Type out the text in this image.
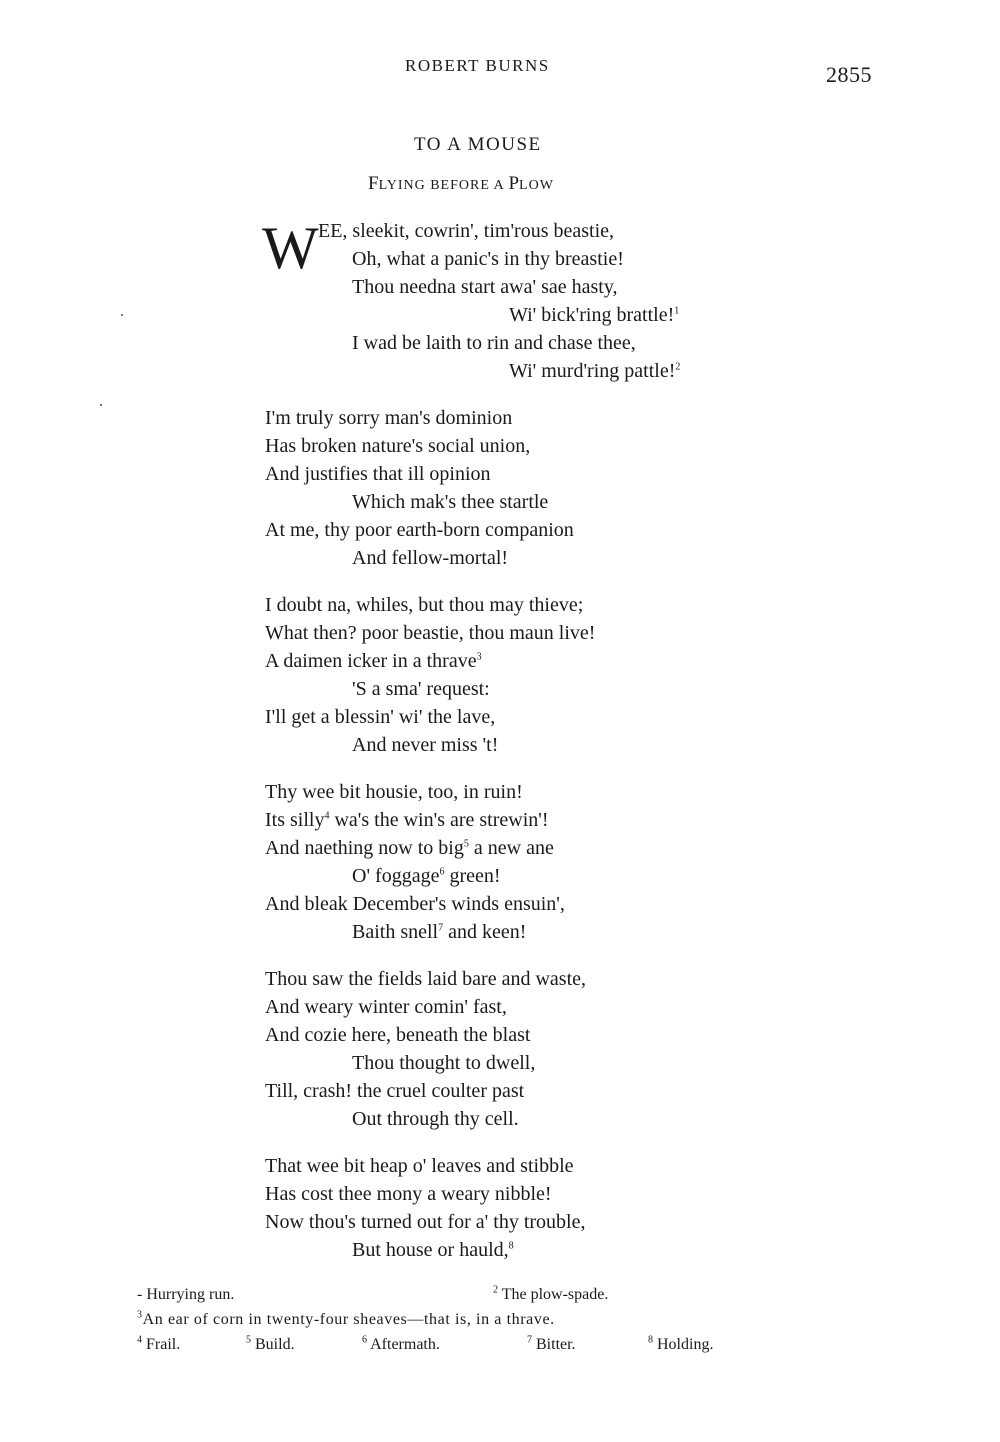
ROBERT BURNS	2855
TO A MOUSE
FLYING BEFORE A PLOW
W EE, sleekit, cowrin', tim'rous beastie,
Oh, what a panic's in thy breastie!
Thou needna start awa' sae hasty,
Wi' bick'ring brattle!$^1$
I wad be laith to rin and chase thee,
Wi' murd'ring pattle!$^2$
I'm truly sorry man's dominion
Has broken nature's social union,
And justifies that ill opinion
Which mak's thee startle
At me, thy poor earth-born companion
And fellow-mortal!
I doubt na, whiles, but thou may thieve;
What then? poor beastie, thou maun live!
A daimen icker in a thrave$^3$
'S a sma' request:
I'll get a blessin' wi' the lave,
And never miss 't!
Thy wee bit housie, too, in ruin!
Its silly$^4$ wa's the win's are strewin'!
And naething now to big$^5$ a new ane
O' foggage$^6$ green!
And bleak December's winds ensuin',
Baith snell$^7$ and keen!
Thou saw the fields laid bare and waste,
And weary winter comin' fast,
And cozie here, beneath the blast
Thou thought to dwell,
Till, crash! the cruel coulter past
Out through thy cell.
That wee bit heap o' leaves and stibble
Has cost thee mony a weary nibble!
Now thou's turned out for a' thy trouble,
But house or hauld,$^8$
- Hurrying run.	$^2$ The plow-spade.
$^3$An ear of corn in twenty-four sheaves—that is, in a thrave.
$^4$ Frail.	$^5$ Build.	$^6$ Aftermath.	$^7$ Bitter.	$^8$ Holding.
